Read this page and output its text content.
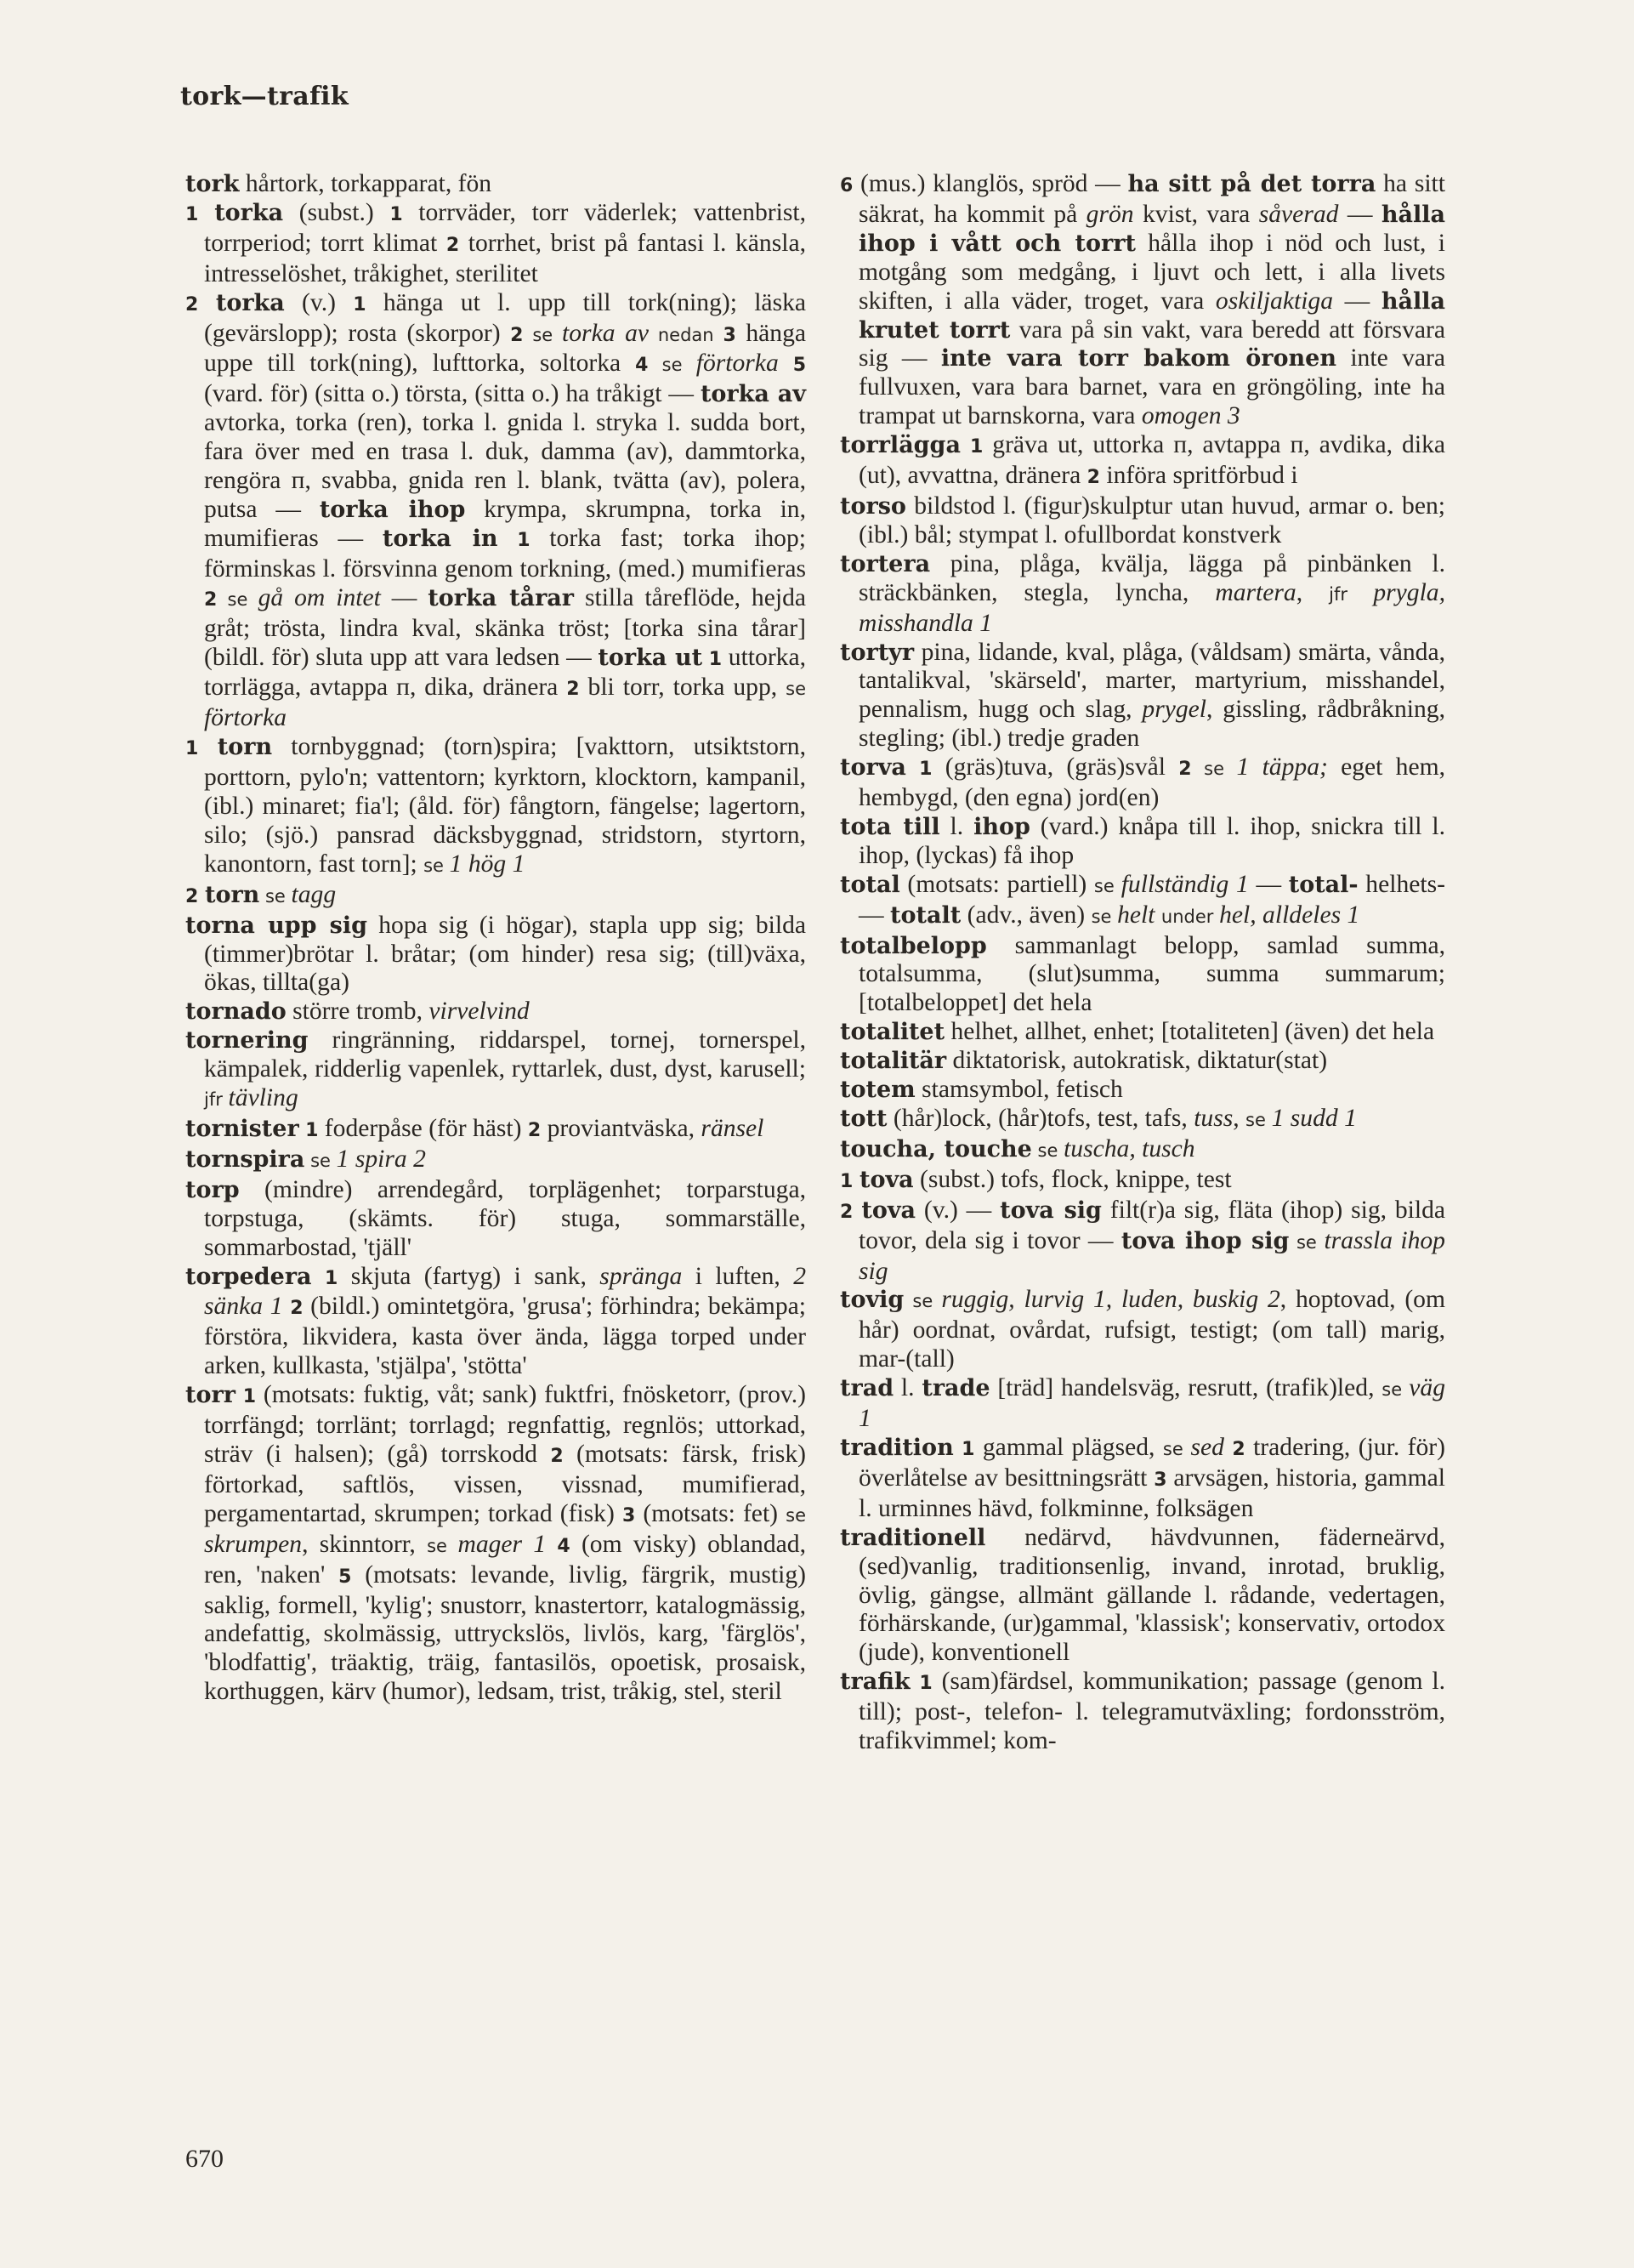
tork—trafik

tork hårtork, torkapparat, fön

1 torka (subst.) 1 torrväder, torr väderlek; vattenbrist, torrperiod; torrt klimat 2 torrhet, brist på fantasi l. känsla, intresselöshet, tråkighet, sterilitet

2 torka (v.) 1 hänga ut l. upp till tork(ning); läska (gevärslopp); rosta (skorpor) 2 se torka av nedan 3 hänga uppe till tork(ning), lufttorka, soltorka 4 se förtorka 5 (vard. för) (sitta o.) törsta, (sitta o.) ha tråkigt — torka av avtorka, torka (ren), torka l. gnida l. stryka l. sudda bort, fara över med en trasa l. duk, damma (av), dammtorka, rengöra ᴨ, svabba, gnida ren l. blank, tvätta (av), polera, putsa — torka ihop krympa, skrumpna, torka in, mumifieras — torka in 1 torka fast; torka ihop; förminskas l. försvinna genom torkning, (med.) mumifieras 2 se gå om intet — torka tårar stilla tåreflöde, hejda gråt; trösta, lindra kval, skänka tröst; [torka sina tårar] (bildl. för) sluta upp att vara ledsen — torka ut 1 uttorka, torrlägga, avtappa ᴨ, dika, dränera 2 bli torr, torka upp, se förtorka

1 torn tornbyggnad; (torn)spira; [vakttorn, utsiktstorn, porttorn, pylo'n; vattentorn; kyrktorn, klocktorn, kampanil, (ibl.) minaret; fia'l; (åld. för) fångtorn, fängelse; lagertorn, silo; (sjö.) pansrad däcksbyggnad, stridstorn, styrtorn, kanontorn, fast torn]; se 1 hög 1

2 torn se tagg

torna upp sig hopa sig (i högar), stapla upp sig; bilda (timmer)brötar l. bråtar; (om hinder) resa sig; (till)växa, ökas, tillta(ga)

tornado större tromb, virvelvind

tornering ringränning, riddarspel, tornej, tornerspel, kämpalek, ridderlig vapenlek, ryttarlek, dust, dyst, karusell; jfr tävling

tornister 1 foderpåse (för häst) 2 proviantväska, ränsel

tornspira se 1 spira 2

torp (mindre) arrendegård, torplägenhet; torparstuga, torpstuga, (skämts. för) stuga, sommarställe, sommarbostad, 'tjäll'

torpedera 1 skjuta (fartyg) i sank, spränga i luften, 2 sänka 1 2 (bildl.) omintetgöra, 'grusa'; förhindra; bekämpa; förstöra, likvidera, kasta över ända, lägga torped under arken, kullkasta, 'stjälpa', 'stötta'

torr 1 (motsats: fuktig, våt; sank) fuktfri, fnösketorr, (prov.) torrfängd; torrlänt; torrlagd; regnfattig, regnlös; uttorkad, sträv (i halsen); (gå) torrskodd 2 (motsats: färsk, frisk) förtorkad, saftlös, vissen, vissnad, mumifierad, pergamentartad, skrumpen; torkad (fisk) 3 (motsats: fet) se skrumpen, skinntorr, se mager 1 4 (om visky) oblandad, ren, 'naken' 5 (motsats: levande, livlig, färgrik, mustig) saklig, formell, 'kylig'; snustorr, knastertorr, katalogmässig, andefattig, skolmässig, uttryckslös, livlös, karg, 'färglös', 'blodfattig', träaktig, träig, fantasilös, opoetisk, prosaisk, korthuggen, kärv (humor), ledsam, trist, tråkig, stel, steril

6 (mus.) klanglös, spröd — ha sitt på det torra ha sitt säkrat, ha kommit på grön kvist, vara såverad — hålla ihop i vått och torrt hålla ihop i nöd och lust, i motgång som medgång, i ljuvt och lett, i alla livets skiften, i alla väder, troget, vara oskiljaktiga — hålla krutet torrt vara på sin vakt, vara beredd att försvara sig — inte vara torr bakom öronen inte vara fullvuxen, vara bara barnet, vara en gröngöling, inte ha trampat ut barnskorna, vara omogen 3

torrlägga 1 gräva ut, uttorka ᴨ, avtappa ᴨ, avdika, dika (ut), avvattna, dränera 2 införa spritförbud i

torso bildstod l. (figur)skulptur utan huvud, armar o. ben; (ibl.) bål; stympat l. ofullbordat konstverk

tortera pina, plåga, kvälja, lägga på pinbänken l. sträckbänken, stegla, lyncha, martera, jfr prygla, misshandla 1

tortyr pina, lidande, kval, plåga, (våldsam) smärta, vånda, tantalikval, 'skärseld', marter, martyrium, misshandel, pennalism, hugg och slag, prygel, gissling, rådbråkning, stegling; (ibl.) tredje graden

torva 1 (gräs)tuva, (gräs)svål 2 se 1 täppa; eget hem, hembygd, (den egna) jord(en)

tota till l. ihop (vard.) knåpa till l. ihop, snickra till l. ihop, (lyckas) få ihop

total (motsats: partiell) se fullständig 1 — total- helhets- — totalt (adv., även) se helt under hel, alldeles 1

totalbelopp sammanlagt belopp, samlad summa, totalsumma, (slut)summa, summa summarum; [totalbeloppet] det hela

totalitet helhet, allhet, enhet; [totaliteten] (även) det hela

totalitär diktatorisk, autokratisk, diktatur(stat)

totem stamsymbol, fetisch

tott (hår)lock, (hår)tofs, test, tafs, tuss, se 1 sudd 1

toucha, touche se tuscha, tusch

1 tova (subst.) tofs, flock, knippe, test

2 tova (v.) — tova sig filt(r)a sig, fläta (ihop) sig, bilda tovor, dela sig i tovor — tova ihop sig se trassla ihop sig

tovig se ruggig, lurvig 1, luden, buskig 2, hoptovad, (om hår) oordnat, ovårdat, rufsigt, testigt; (om tall) marig, mar-(tall)

trad l. trade [träd] handelsväg, resrutt, (trafik)led, se väg 1

tradition 1 gammal plägsed, se sed 2 tradering, (jur. för) överlåtelse av besittningsrätt 3 arvsägen, historia, gammal l. urminnes hävd, folkminne, folksägen

traditionell nedärvd, hävdvunnen, fädernеärvd, (sed)vanlig, traditionsenlig, invand, inrotad, bruklig, övlig, gängse, allmänt gällande l. rådande, vedertagen, förhärskande, (ur)gammal, 'klassisk'; konservativ, ortodox (jude), konventionell

trafik 1 (sam)färdsel, kommunikation; passage (genom l. till); post-, telefon- l. telegramutväxling; fordonsström, trafikvimmel; kom-

670
